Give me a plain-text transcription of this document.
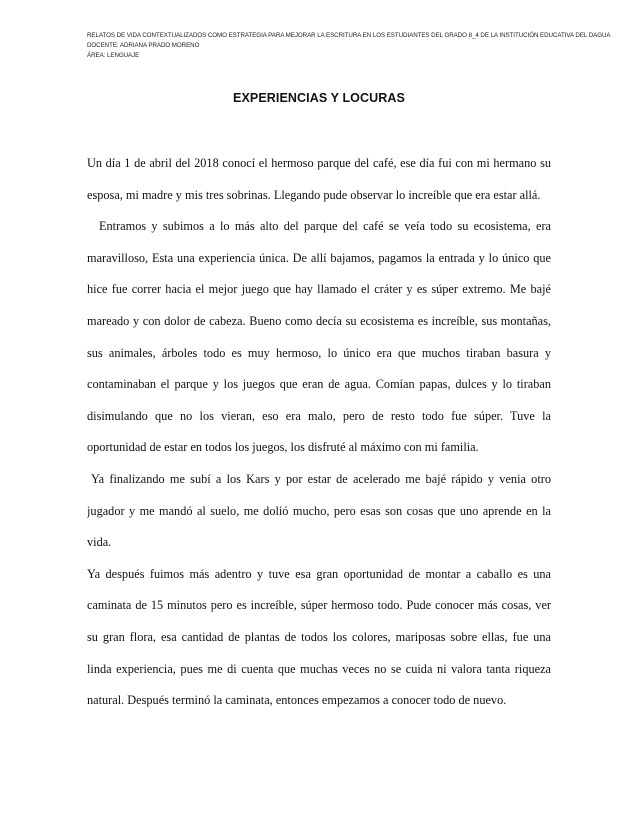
RELATOS DE VIDA CONTEXTUALIZADOS COMO ESTRATEGIA PARA MEJORAR LA ESCRITURA EN LOS ESTUDIANTES DEL GRADO 8_4 DE LA INSTITUCIÓN EDUCATIVA DEL DAGUA
DOCENTE: ADRIANA PRADO MORENO
ÁREA: LENGUAJE
EXPERIENCIAS Y LOCURAS
Un día 1 de abril del 2018 conocí el hermoso parque del café, ese día fui con mi hermano su
esposa, mi madre y mis tres sobrinas. Llegando pude observar lo increíble que era estar allá.
Entramos y subimos a lo más alto del parque del café se veía todo su ecosistema, era
maravilloso, Esta una experiencia única. De allí bajamos, pagamos la entrada y lo único que
hice fue correr hacia el mejor juego que hay llamado el cráter y es súper extremo. Me bajé
mareado y con dolor de cabeza. Bueno como decía su ecosistema es increíble, sus montañas,
sus animales, árboles todo es muy hermoso, lo único era que muchos tiraban basura y
contaminaban el parque y los juegos que eran de agua. Comían papas, dulces y lo tiraban
disimulando que no los vieran, eso era malo, pero de resto todo fue súper. Tuve la
oportunidad de estar en todos los juegos, los disfruté al máximo con mi familia.
Ya finalizando me subí a los Kars y por estar de acelerado me bajé rápido y venia otro
jugador y me mandó al suelo, me dolió mucho, pero esas son cosas que uno aprende en la
vida.
Ya después fuimos más adentro y tuve esa gran oportunidad de montar a caballo es una
caminata de 15 minutos pero es increíble, súper hermoso todo. Pude conocer más cosas, ver
su gran flora, esa cantidad de plantas de todos los colores, mariposas sobre ellas, fue una
linda experiencia, pues me di cuenta que muchas veces no se cuida ni valora tanta riqueza
natural. Después terminó la caminata, entonces empezamos a conocer todo de nuevo.
